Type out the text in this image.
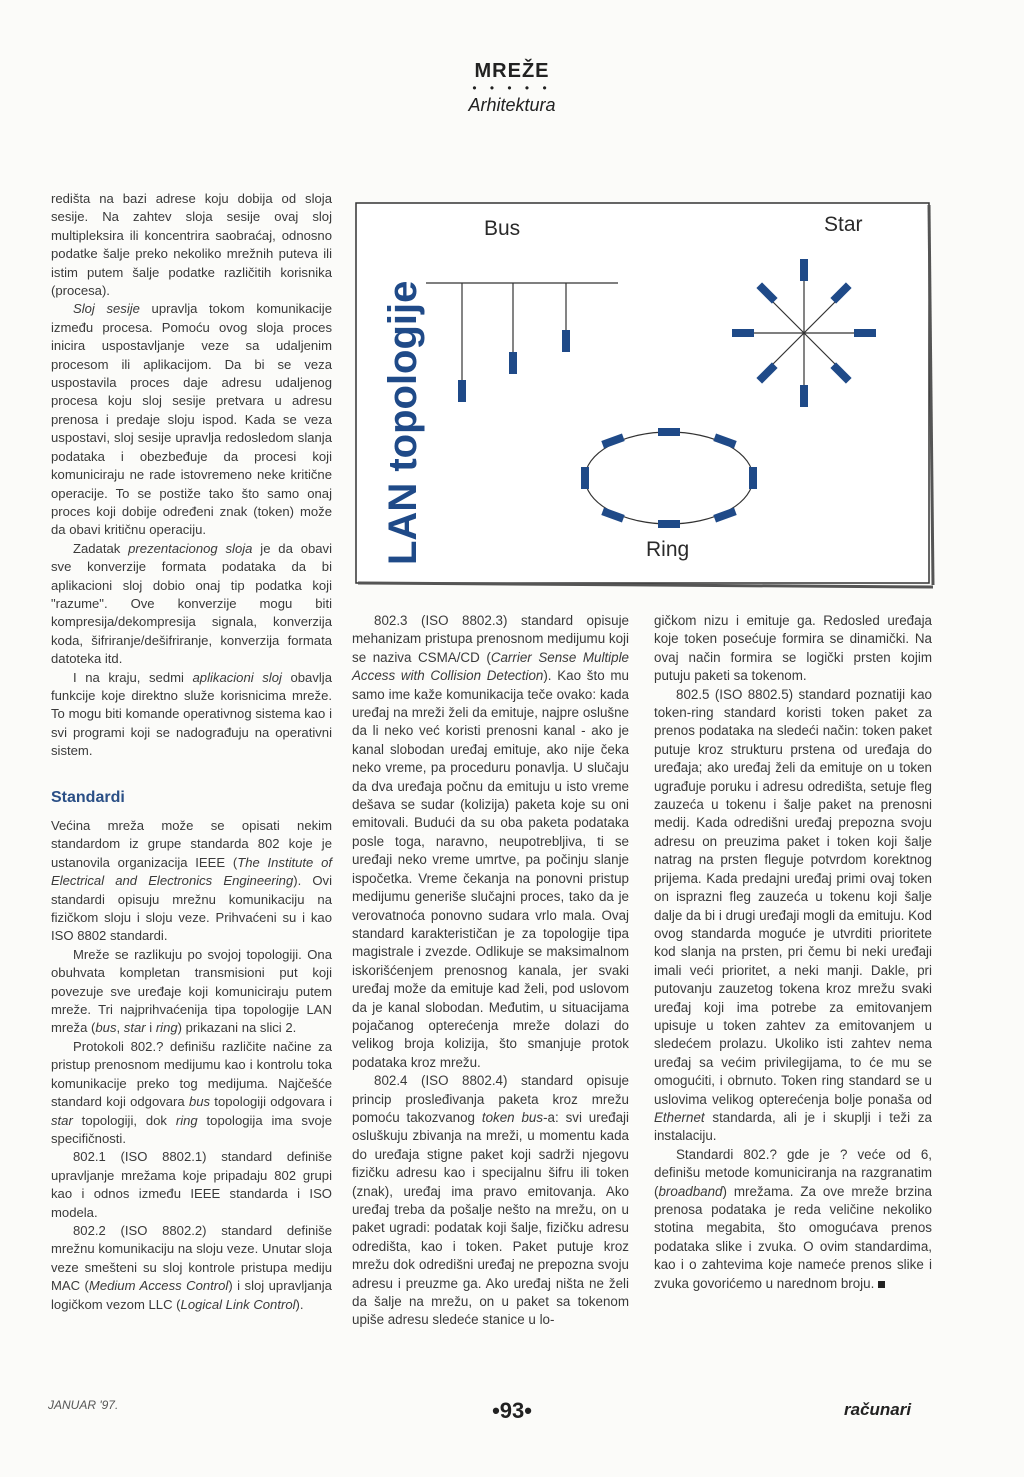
MREŽE
• • • • •
Arhitektura

redišta na bazi adrese koju dobija od sloja sesije. Na zahtev sloja sesije ovaj sloj multipleksira ili koncentrira saobraćaj, odnosno podatke šalje preko nekoliko mrežnih puteva ili istim putem šalje podatke različitih korisnika (procesa).

Sloj sesije upravlja tokom komunikacije između procesa. Pomoću ovog sloja proces inicira uspostavljanje veze sa udaljenim procesom ili aplikacijom. Da bi se veza uspostavila proces daje adresu udaljenog procesa koju sloj sesije pretvara u adresu prenosa i predaje sloju ispod. Kada se veza uspostavi, sloj sesije upravlja redosledom slanja podataka i obezbeđuje da procesi koji komuniciraju ne rade istovremeno neke kritične operacije. To se postiže tako što samo onaj proces koji dobije određeni znak (token) može da obavi kritičnu operaciju.

Zadatak prezentacionog sloja je da obavi sve konverzije formata podataka da bi aplikacioni sloj dobio onaj tip podatka koji "razume". Ove konverzije mogu biti kompresija/dekompresija signala, konverzija koda, šifriranje/dešifriranje, konverzija formata datoteka itd.

I na kraju, sedmi aplikacioni sloj obavlja funkcije koje direktno služe korisnicima mreže. To mogu biti komande operativnog sistema kao i svi programi koji se nadograđuju na operativni sistem.

Standardi

Većina mreža može se opisati nekim standardom iz grupe standarda 802 koje je ustanovila organizacija IEEE (The Institute of Electrical and Electronics Engineering). Ovi standardi opisuju mrežnu komunikaciju na fizičkom sloju i sloju veze. Prihvaćeni su i kao ISO 8802 standardi.

Mreže se razlikuju po svojoj topologiji. Ona obuhvata kompletan transmisioni put koji povezuje sve uređaje koji komuniciraju putem mreže. Tri najprihvaćenija tipa topologije LAN mreža (bus, star i ring) prikazani na slici 2.

Protokoli 802.? definišu različite načine za pristup prenosnom medijumu kao i kontrolu toka komunikacije preko tog medijuma. Najčešće standard koji odgovara bus topologiji odgovara i star topologiji, dok ring topologija ima svoje specifičnosti.

802.1 (ISO 8802.1) standard definiše upravljanje mrežama koje pripadaju 802 grupi kao i odnos između IEEE standarda i ISO modela.

802.2 (ISO 8802.2) standard definiše mrežnu komunikaciju na sloju veze. Unutar sloja veze smešteni su sloj kontrole pristupa mediju MAC (Medium Access Control) i sloj upravljanja logičkom vezom LLC (Logical Link Control).

LAN topologije
Bus	Star
Ring

802.3 (ISO 8802.3) standard opisuje mehanizam pristupa prenosnom medijumu koji se naziva CSMA/CD (Carrier Sense Multiple Access with Collision Detection). Kao što mu samo ime kaže komunikacija teče ovako: kada uređaj na mreži želi da emituje, najpre oslušne da li neko već koristi prenosni kanal - ako je kanal slobodan uređaj emituje, ako nije čeka neko vreme, pa proceduru ponavlja. U slučaju da dva uređaja počnu da emituju u isto vreme dešava se sudar (kolizija) paketa koje su oni emitovali. Budući da su oba paketa podataka posle toga, naravno, neupotrebljiva, ti se uređaji neko vreme umrtve, pa počinju slanje ispočetka. Vreme čekanja na ponovni pristup medijumu generiše slučajni proces, tako da je verovatnoća ponovno sudara vrlo mala. Ovaj standard karakterističan je za topologije tipa magistrale i zvezde. Odlikuje se maksimalnom iskorišćenjem prenosnog kanala, jer svaki uređaj može da emituje kad želi, pod uslovom da je kanal slobodan. Međutim, u situacijama pojačanog opterećenja mreže dolazi do velikog broja kolizija, što smanjuje protok podataka kroz mrežu.

802.4 (ISO 8802.4) standard opisuje princip prosleđivanja paketa kroz mrežu pomoću takozvanog token bus-a: svi uređaji osluškuju zbivanja na mreži, u momentu kada do uređaja stigne paket koji sadrži njegovu fizičku adresu kao i specijalnu šifru ili token (znak), uređaj ima pravo emitovanja. Ako uređaj treba da pošalje nešto na mrežu, on u paket ugradi: podatak koji šalje, fizičku adresu odredišta, kao i token. Paket putuje kroz mrežu dok odredišni uređaj ne prepozna svoju adresu i preuzme ga. Ako uređaj ništa ne želi da šalje na mrežu, on u paket sa tokenom upiše adresu sledeće stanice u lo-

gičkom nizu i emituje ga. Redosled uređaja koje token posećuje formira se dinamički. Na ovaj način formira se logički prsten kojim putuju paketi sa tokenom.

802.5 (ISO 8802.5) standard poznatiji kao token-ring standard koristi token paket za prenos podataka na sledeći način: token paket putuje kroz strukturu prstena od uređaja do uređaja; ako uređaj želi da emituje on u token ugrađuje poruku i adresu odredišta, setuje fleg zauzeća u tokenu i šalje paket na prenosni medij. Kada odredišni uređaj prepozna svoju adresu on preuzima paket i token koji šalje natrag na prsten fleguje potvrdom korektnog prijema. Kada predajni uređaj primi ovaj token on isprazni fleg zauzeća u tokenu koji šalje dalje da bi i drugi uređaji mogli da emituju. Kod ovog standarda moguće je utvrditi prioritete kod slanja na prsten, pri čemu bi neki uređaji imali veći prioritet, a neki manji. Dakle, pri putovanju zauzetog tokena kroz mrežu svaki uređaj koji ima potrebe za emitovanjem upisuje u token zahtev za emitovanjem u sledećem prolazu. Ukoliko isti zahtev nema uređaj sa većim privilegijama, to će mu se omogućiti, i obrnuto. Token ring standard se u uslovima velikog opterećenja bolje ponaša od Ethernet standarda, ali je i skuplji i teži za instalaciju.

Standardi 802.? gde je ? veće od 6, definišu metode komuniciranja na razgranatim (broadband) mrežama. Za ove mreže brzina prenosa podataka je reda veličine nekoliko stotina megabita, što omogućava prenos podataka slike i zvuka. O ovim standardima, kao i o zahtevima koje nameće prenos slike i zvuka govorićemo u narednom broju.

JANUAR '97.	•93•	računari
